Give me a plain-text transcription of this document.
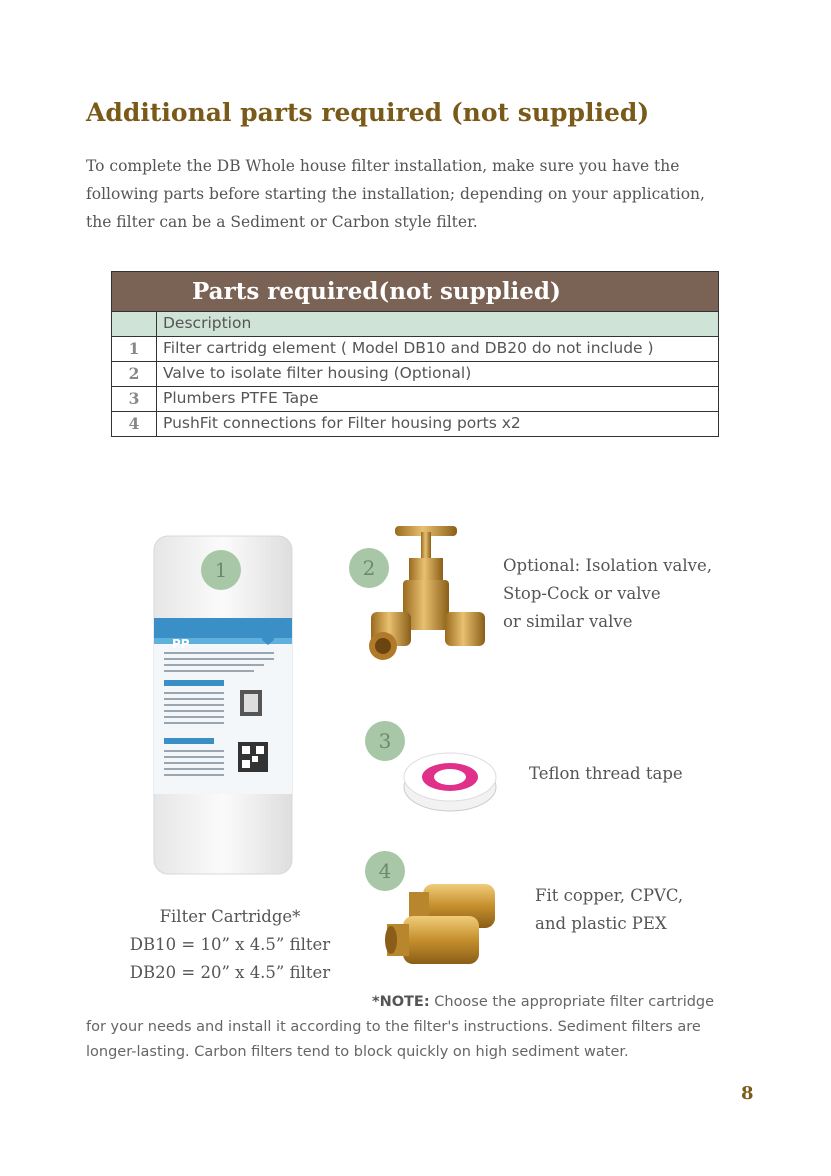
Additional parts required (not supplied)
To complete the DB Whole house filter installation, make sure you have the
following parts before starting the installation; depending on your application,
the filter can be a Sediment or Carbon style filter.
Parts required(not supplied)
Description
1	Filter cartridg element ( Model DB10 and DB20 do not include )
2	Valve to isolate filter housing (Optional)
3	Plumbers PTFE Tape
4	PushFit connections for Filter housing ports x2
PP
1	2
3
4
Filter Cartridge*
DB10 = 10” x 4.5” filter
DB20 = 20” x 4.5” filter
Optional: Isolation valve,
Stop-Cock or valve
or similar valve
Teflon thread tape
Fit copper, CPVC,
and plastic PEX
*NOTE: Choose the appropriate filter cartridge
for your needs and install it according to the filter's instructions. Sediment filters are
longer-lasting. Carbon filters tend to block quickly on high sediment water.
8
